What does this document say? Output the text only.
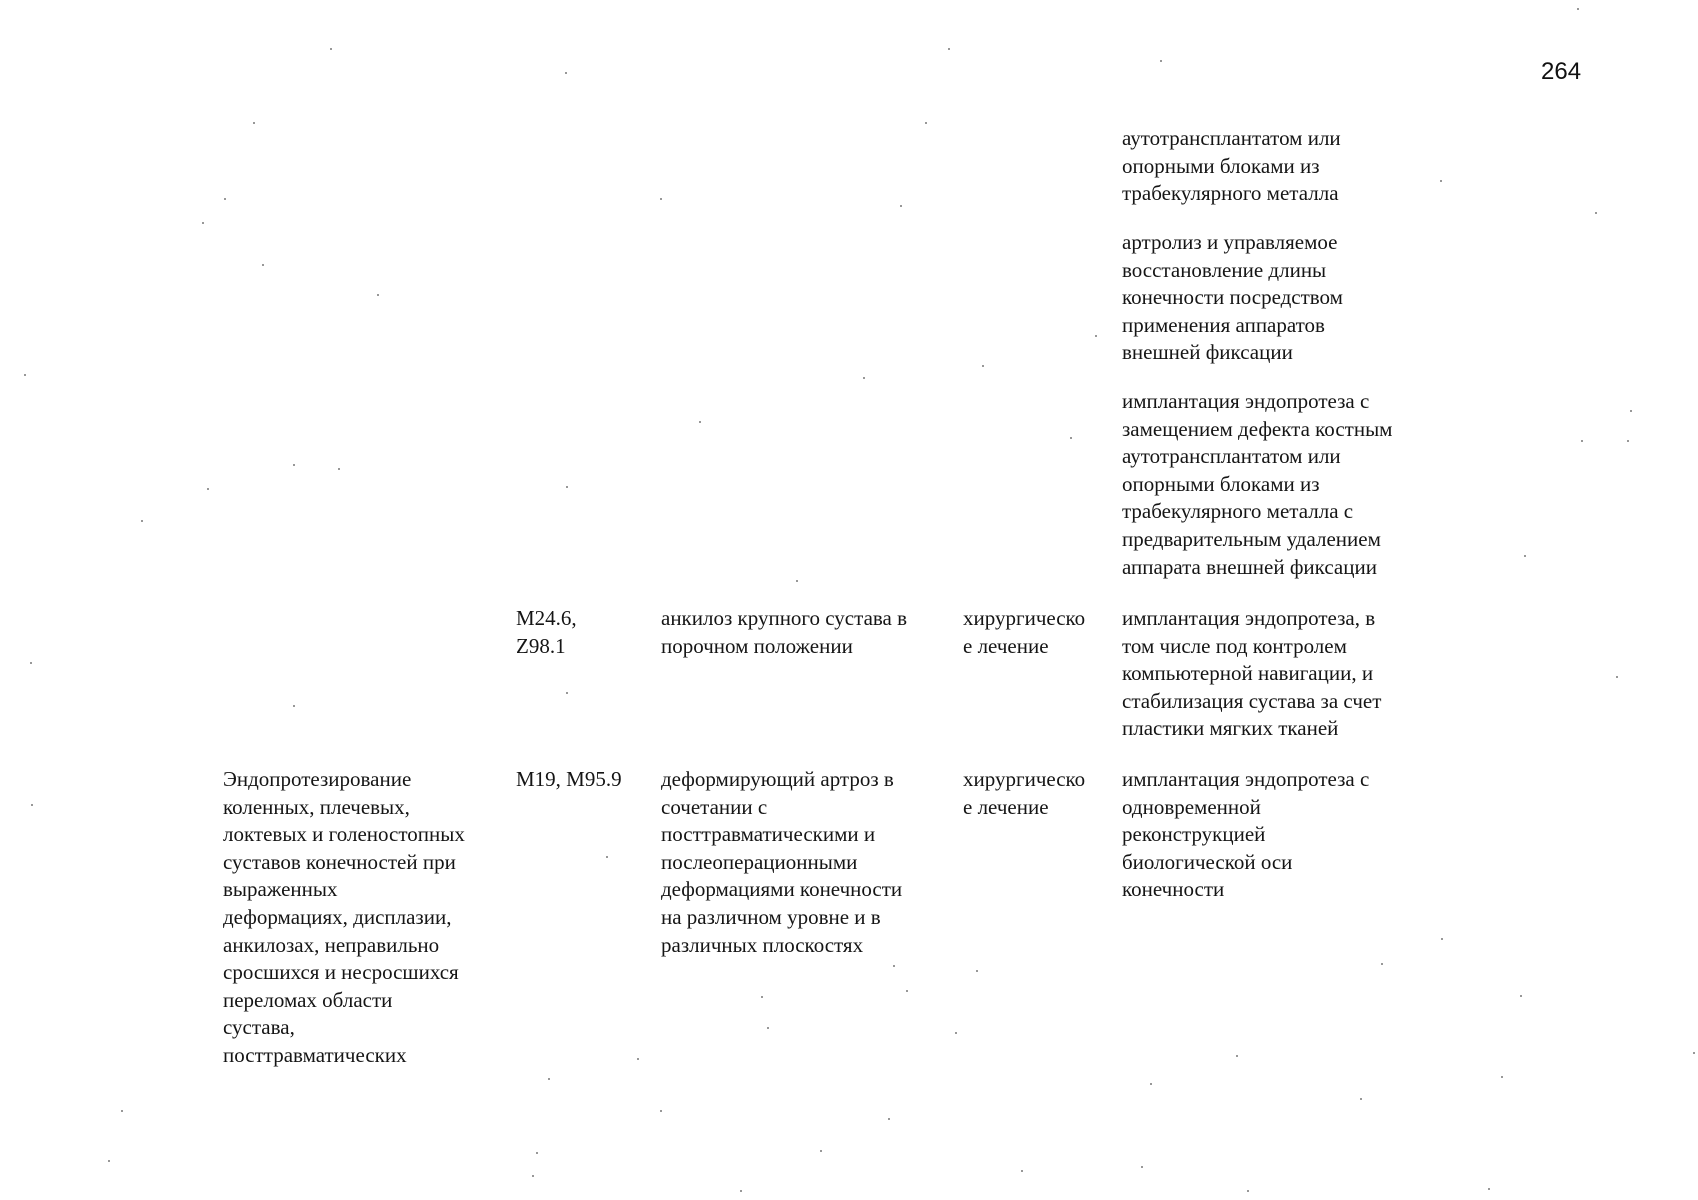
264

аутотрансплантатом или
опорными блоками из
трабекулярного металла

артролиз и управляемое
восстановление длины
конечности посредством
применения аппаратов
внешней фиксации

имплантация эндопротеза с
замещением дефекта костным
аутотрансплантатом или
опорными блоками из
трабекулярного металла с
предварительным удалением
аппарата внешней фиксации

M24.6,
Z98.1

анкилоз крупного сустава в
порочном положении

хирургическо
е лечение

имплантация эндопротеза, в
том числе под контролем
компьютерной навигации, и
стабилизация сустава за счет
пластики мягких тканей

Эндопротезирование
коленных, плечевых,
локтевых и голеностопных
суставов конечностей при
выраженных
деформациях, дисплазии,
анкилозах, неправильно
сросшихся и несросшихся
переломах области
сустава,
посттравматических

M19, M95.9 деформирующий артроз в
сочетании с
посттравматическими и
послеоперационными
деформациями конечности
на различном уровне и в
различных плоскостях

хирургическо
е лечение

имплантация эндопротеза с
одновременной
реконструкцией
биологической оси
конечности
